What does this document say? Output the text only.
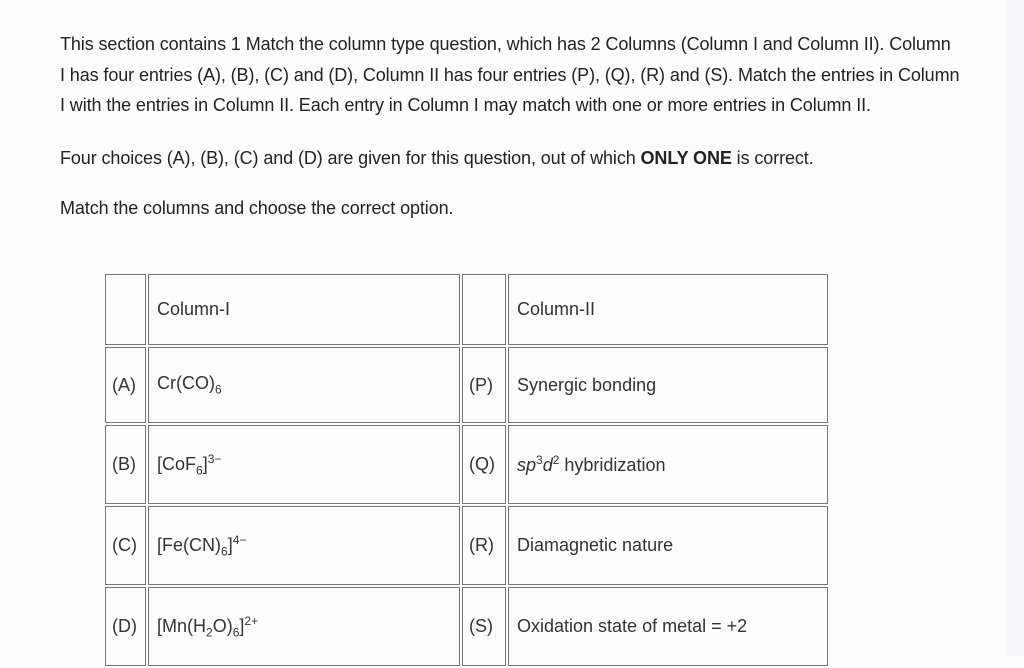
This section contains 1 Match the column type question, which has 2 Columns (Column I and Column II). Column I has four entries (A), (B), (C) and (D), Column II has four entries (P), (Q), (R) and (S). Match the entries in Column I with the entries in Column II. Each entry in Column I may match with one or more entries in Column II.

Four choices (A), (B), (C) and (D) are given for this question, out of which ONLY ONE is correct.

Match the columns and choose the correct option.

	Column-I		Column-II
(A)	$Cr(CO)_6$	(P)	Synergic bonding
(B)	$[CoF_6]^{3-}$	(Q)	$sp^3d^2$ hybridization
(C)	$[Fe(CN)_6]^{4-}$	(R)	Diamagnetic nature
(D)	$[Mn(H_2O)_6]^{2+}$	(S)	Oxidation state of metal = +2
